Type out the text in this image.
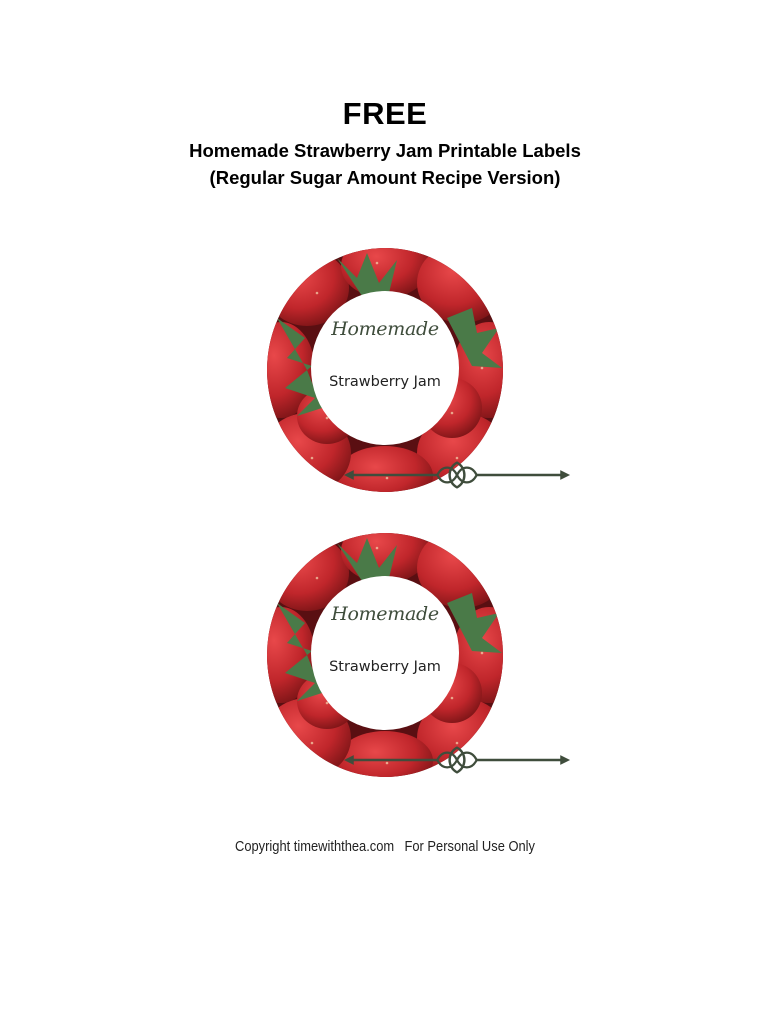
FREE
Homemade Strawberry Jam Printable Labels
(Regular Sugar Amount Recipe Version)
Homemade
Strawberry Jam
Homemade
Strawberry Jam
Copyright timewiththea.com For Personal Use Only
